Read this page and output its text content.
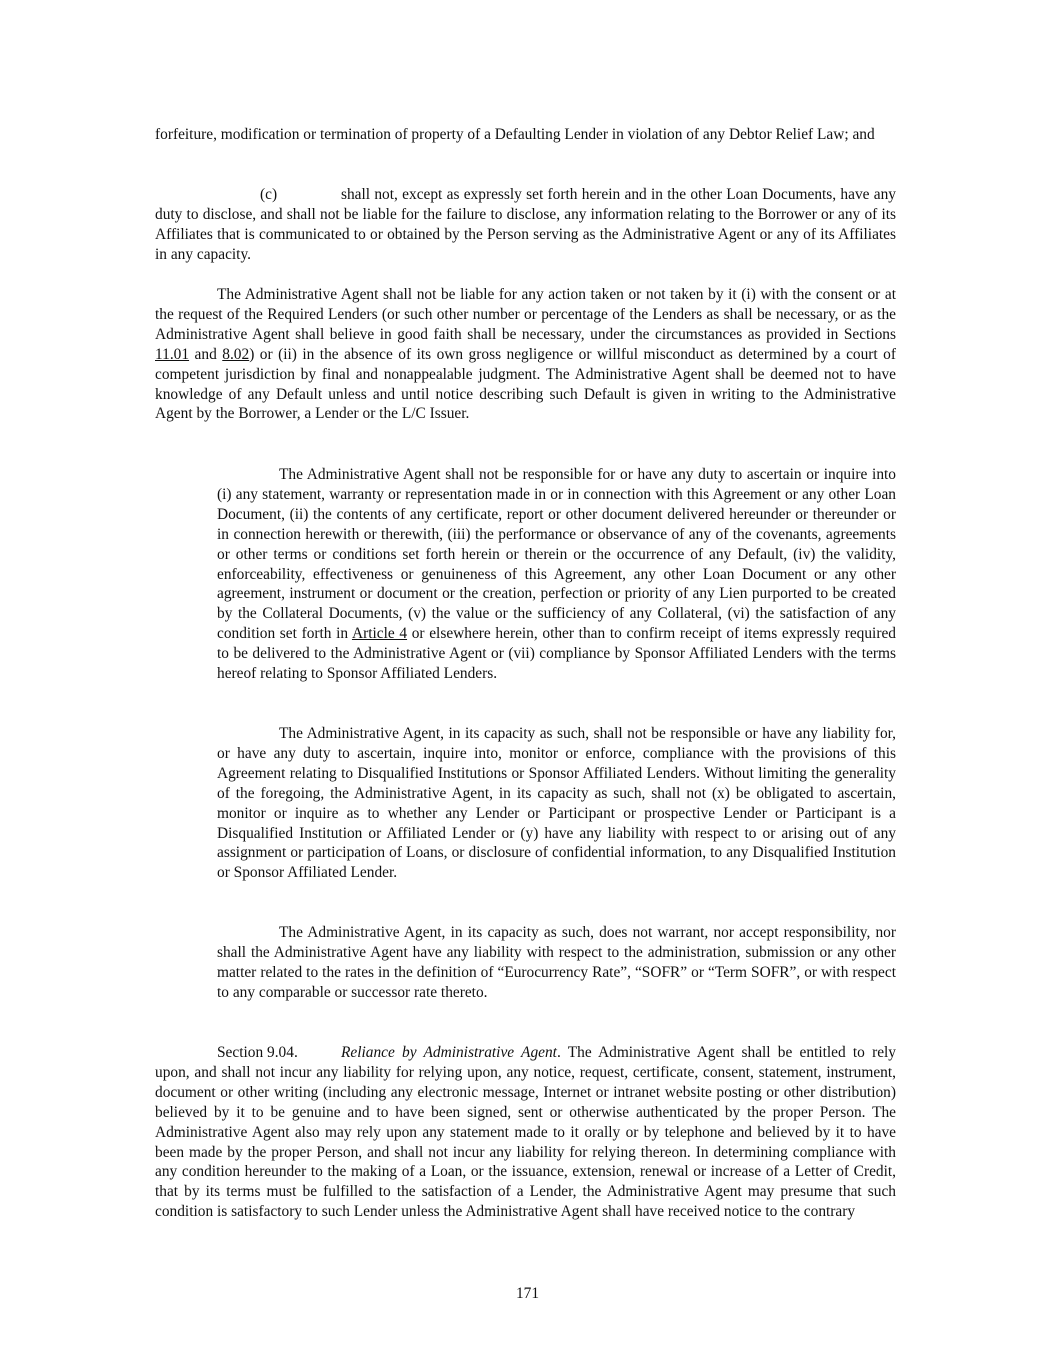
forfeiture, modification or termination of property of a Defaulting Lender in violation of any Debtor Relief Law; and

(c)	shall not, except as expressly set forth herein and in the other Loan Documents, have any duty to disclose, and shall not be liable for the failure to disclose, any information relating to the Borrower or any of its Affiliates that is communicated to or obtained by the Person serving as the Administrative Agent or any of its Affiliates in any capacity.

The Administrative Agent shall not be liable for any action taken or not taken by it (i) with the consent or at the request of the Required Lenders (or such other number or percentage of the Lenders as shall be necessary, or as the Administrative Agent shall believe in good faith shall be necessary, under the circumstances as provided in Sections 11.01 and 8.02) or (ii) in the absence of its own gross negligence or willful misconduct as determined by a court of competent jurisdiction by final and nonappealable judgment. The Administrative Agent shall be deemed not to have knowledge of any Default unless and until notice describing such Default is given in writing to the Administrative Agent by the Borrower, a Lender or the L/C Issuer.

The Administrative Agent shall not be responsible for or have any duty to ascertain or inquire into (i) any statement, warranty or representation made in or in connection with this Agreement or any other Loan Document, (ii) the contents of any certificate, report or other document delivered hereunder or thereunder or in connection herewith or therewith, (iii) the performance or observance of any of the covenants, agreements or other terms or conditions set forth herein or therein or the occurrence of any Default, (iv) the validity, enforceability, effectiveness or genuineness of this Agreement, any other Loan Document or any other agreement, instrument or document or the creation, perfection or priority of any Lien purported to be created by the Collateral Documents, (v) the value or the sufficiency of any Collateral, (vi) the satisfaction of any condition set forth in Article 4 or elsewhere herein, other than to confirm receipt of items expressly required to be delivered to the Administrative Agent or (vii) compliance by Sponsor Affiliated Lenders with the terms hereof relating to Sponsor Affiliated Lenders.

The Administrative Agent, in its capacity as such, shall not be responsible or have any liability for, or have any duty to ascertain, inquire into, monitor or enforce, compliance with the provisions of this Agreement relating to Disqualified Institutions or Sponsor Affiliated Lenders. Without limiting the generality of the foregoing, the Administrative Agent, in its capacity as such, shall not (x) be obligated to ascertain, monitor or inquire as to whether any Lender or Participant or prospective Lender or Participant is a Disqualified Institution or Affiliated Lender or (y) have any liability with respect to or arising out of any assignment or participation of Loans, or disclosure of confidential information, to any Disqualified Institution or Sponsor Affiliated Lender.

The Administrative Agent, in its capacity as such, does not warrant, nor accept responsibility, nor shall the Administrative Agent have any liability with respect to the administration, submission or any other matter related to the rates in the definition of “Eurocurrency Rate”, “SOFR” or “Term SOFR”, or with respect to any comparable or successor rate thereto.

Section 9.04.	Reliance by Administrative Agent. The Administrative Agent shall be entitled to rely upon, and shall not incur any liability for relying upon, any notice, request, certificate, consent, statement, instrument, document or other writing (including any electronic message, Internet or intranet website posting or other distribution) believed by it to be genuine and to have been signed, sent or otherwise authenticated by the proper Person. The Administrative Agent also may rely upon any statement made to it orally or by telephone and believed by it to have been made by the proper Person, and shall not incur any liability for relying thereon. In determining compliance with any condition hereunder to the making of a Loan, or the issuance, extension, renewal or increase of a Letter of Credit, that by its terms must be fulfilled to the satisfaction of a Lender, the Administrative Agent may presume that such condition is satisfactory to such Lender unless the Administrative Agent shall have received notice to the contrary

171
